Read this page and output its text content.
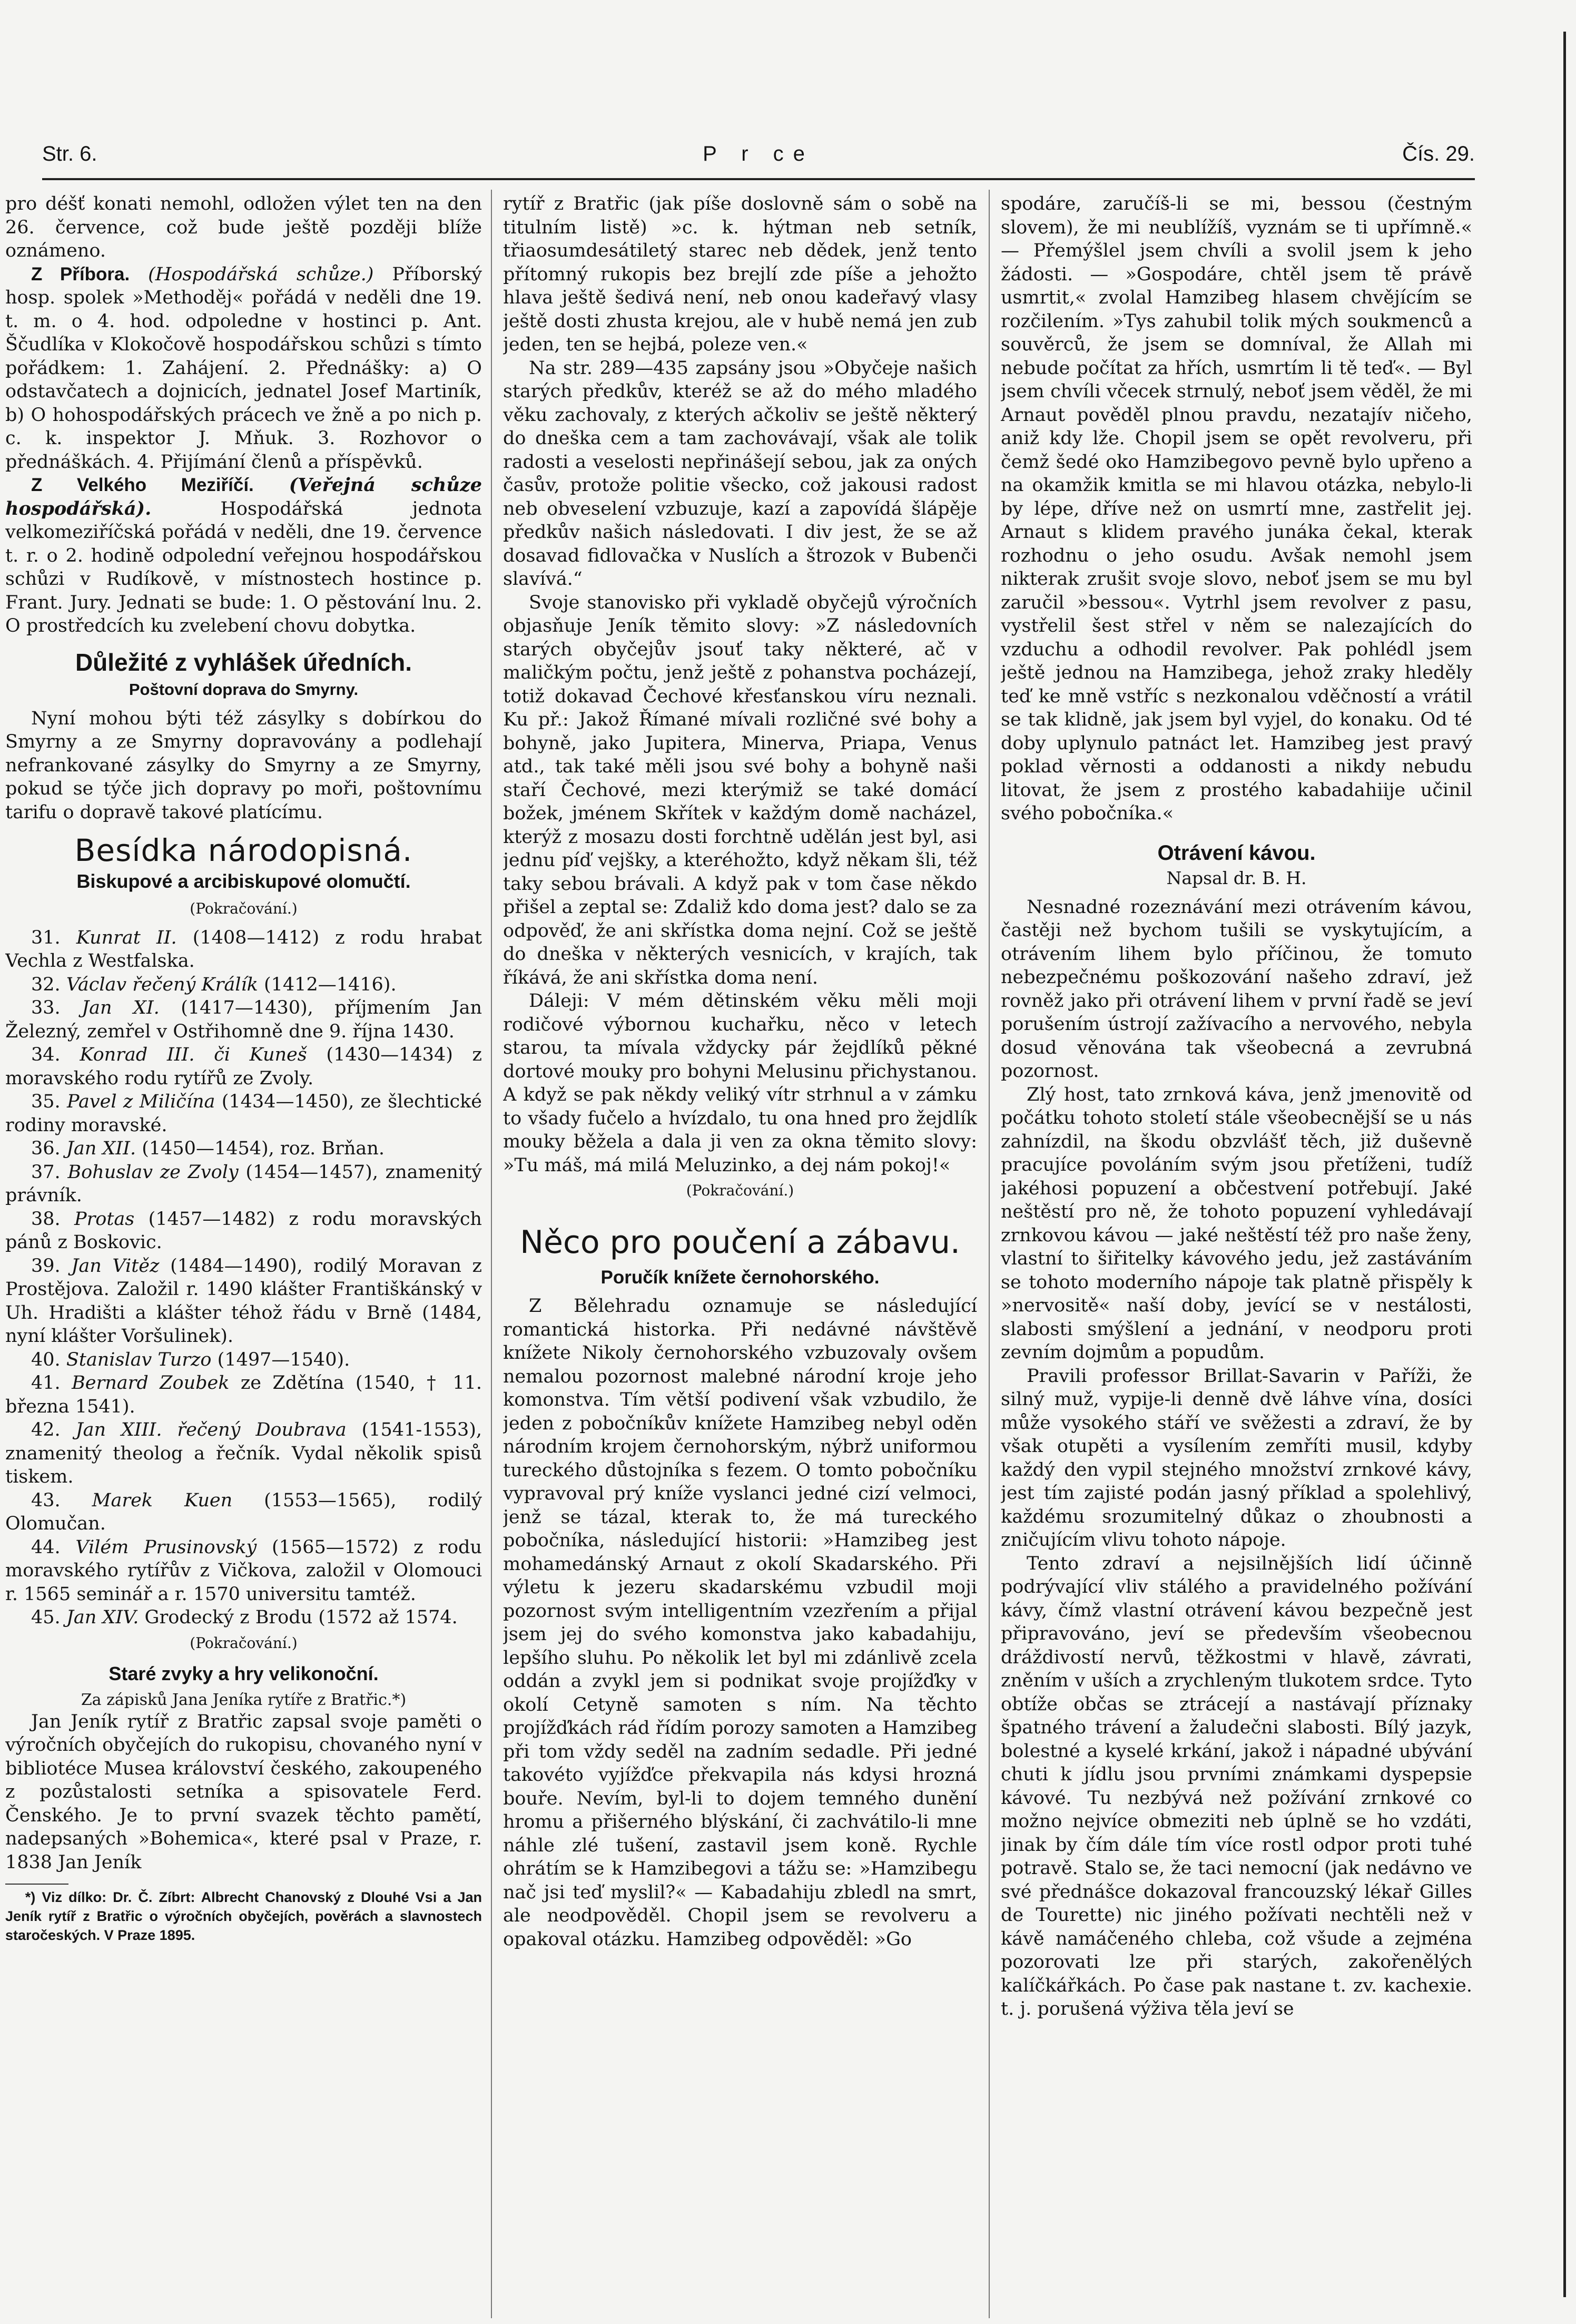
Str. 6.	P r ce	Čís. 29.

pro déšť konati nemohl, odložen výlet ten na den 26. července, což bude ještě později blíže oznámeno.

Z Příbora. (Hospodářská schůze.) Příborský hosp. spolek »Methoděj« pořádá v neděli dne 19. t. m. o 4. hod. odpoledne v hostinci p. Ant. Ščudlíka v Klokočově hospodářskou schůzi s tímto pořádkem: 1. Zahájení. 2. Přednášky: a) O odstavčatech a dojnicích, jednatel Josef Martiník, b) O hohospodářských prácech ve žně a po nich p. c. k. inspektor J. Mňuk. 3. Rozhovor o přednáškách. 4. Přijímání členů a příspěvků.

Z Velkého Meziříčí. (Veřejná schůze hospodářská).	Hospodářská jednota velkomeziříčská pořádá v neděli, dne 19. července t. r. o 2. hodině odpolední veřejnou hospodářskou schůzi v Rudíkově, v místnostech hostince p. Frant. Jury. Jednati se bude: 1. O pěstování lnu. 2. O prostředcích ku zvelebení chovu dobytka.

Důležité z vyhlášek úředních.
Poštovní doprava do Smyrny.

Nyní mohou býti též zásylky s dobírkou do Smyrny a ze Smyrny dopravovány a podlehají nefrankované zásylky do Smyrny a ze Smyrny, pokud se týče jich dopravy po moři, poštovnímu tarifu o dopravě takové platícímu.

Besídka národopisná.
Biskupové a arcibiskupové olomučtí.
(Pokračování.)

31. Kunrat II. (1408—1412) z rodu hrabat Vechla z Westfalska.

32. Václav řečený Králík (1412—1416).

33. Jan XI. (1417—1430), příjmením Jan Železný, zemřel v Ostřihomně dne 9. října 1430.

34. Konrad III. či Kuneš (1430—1434) z moravského rodu rytířů ze Zvoly.

35. Pavel z Miličína (1434—1450), ze šlechtické rodiny moravské.

36. Jan XII. (1450—1454), roz. Brňan.

37. Bohuslav ze Zvoly (1454—1457), znamenitý právník.

38. Protas (1457—1482) z rodu moravských pánů z Boskovic.

39. Jan Vitěz (1484—1490), rodilý Moravan z Prostějova. Založil r. 1490 klášter Františkánský v Uh. Hradišti a klášter téhož řádu v Brně (1484, nyní klášter Voršulinek).

40. Stanislav Turzo (1497—1540).

41. Bernard Zoubek ze Zdětína (1540, † 11. března 1541).

42. Jan XIII. řečený Doubrava (1541-1553), znamenitý theolog a řečník. Vydal několik spisů tiskem.

43. Marek Kuen (1553—1565), rodilý Olomučan.

44. Vilém Prusinovský (1565—1572) z rodu moravského rytířův z Vičkova, založil v Olomouci r. 1565 seminář a r. 1570 universitu tamtéž.

45. Jan XIV. Grodecký z Brodu (1572 až 1574.

(Pokračování.)
Staré zvyky a hry velikonoční.
Za zápisků Jana Jeníka rytíře z Bratřic.*)

Jan Jeník rytíř z Bratřic zapsal svoje paměti o výročních obyčejích do rukopisu, chovaného nyní v bibliotéce Musea království českého, zakoupeného z pozůstalosti setníka a spisovatele Ferd. Čenského. Je to první svazek těchto pamětí, nadepsaných »Bohemica«, které psal v Praze, r. 1838 Jan Jeník

*) Viz dílko: Dr. Č. Zíbrt: Albrecht Chanovský z Dlouhé Vsi a Jan Jeník rytíř z Bratřic o výročních obyčejích, pověrách a slavnostech staročeských. V Praze 1895.

rytíř z Bratřic (jak píše doslovně sám o sobě na titulním listě) »c. k. hýtman neb setník, třiaosumdesátiletý starec neb dědek, jenž tento přítomný rukopis bez brejlí zde píše a jehožto hlava ještě šedivá není, neb onou kadeřavý vlasy ještě dosti zhusta krejou, ale v hubě nemá jen zub jeden, ten se hejbá, poleze ven.«

Na str. 289—435 zapsány jsou »Obyčeje našich starých předkův, kteréž se až do mého mladého věku zachovaly, z kterých ačkoliv se ještě některý do dneška cem a tam zachovávají, však ale tolik radosti a veselosti nepřinášejí sebou, jak za oných časův, protože politie všecko, což jakousi radost neb obveselení vzbuzuje, kazí a zapovídá šlápěje předkův našich následovati. I div jest, že se až dosavad fidlovačka v Nuslích a štrozok v Bubenči slavívá.“

Svoje stanovisko při vykladě obyčejů výročních objasňuje Jeník těmito slovy: »Z následovních starých obyčejův jsouť taky některé, ač v maličkým počtu, jenž ještě z pohanstva pocházejí, totiž dokavad Čechové křesťanskou víru neznali. Ku př.: Jakož Římané mívali rozličné své bohy a bohyně, jako Jupitera, Minerva, Priapa, Venus atd., tak také měli jsou své bohy a bohyně naši staří Čechové, mezi kterýmiž se také domácí božek, jménem Skřítek v každým domě nacházel, kterýž z mosazu dosti forchtně udělán jest byl, asi jednu píď vejšky, a kteréhožto, když někam šli, též taky sebou brávali. A když pak v tom čase někdo přišel a zeptal se: Zdaliž kdo doma jest? dalo se za odpověď, že ani skřístka doma nejní. Což se ještě do dneška v některých vesnicích, v krajích, tak říkává, že ani skřístka doma není.

Dáleji: V mém dětinském věku měli moji rodičové výbornou kuchařku, něco v letech starou, ta mívala vždycky pár žejdlíků pěkné dortové mouky pro bohyni Melusinu přichystanou. A když se pak někdy veliký vítr strhnul a v zámku to všady fučelo a hvízdalo, tu ona hned pro žejdlík mouky běžela a dala ji ven za okna těmito slovy: »Tu máš, má milá Meluzinko, a dej nám pokoj!«

(Pokračování.)
Něco pro poučení a zábavu.
Poručík knížete černohorského.

Z Bělehradu oznamuje se následující romantická historka. Při nedávné návštěvě knížete Nikoly černohorského vzbuzovaly ovšem nemalou pozornost malebné národní kroje jeho komonstva. Tím větší podivení však vzbudilo, že jeden z pobočníkův knížete Hamzibeg nebyl oděn národním krojem černohorským, nýbrž uniformou tureckého důstojníka s fezem. O tomto pobočníku vypravoval prý kníže vyslanci jedné cizí velmoci, jenž se tázal, kterak to, že má tureckého pobočníka, následující historii: »Hamzibeg jest mohamedánský Arnaut z okolí Skadarského. Při výletu k jezeru skadarskému vzbudil moji pozornost svým intelligentním vzezřením a přijal jsem jej do svého komonstva jako kabadahiju, lepšího sluhu. Po několik let byl mi zdánlivě zcela oddán a zvykl jem si podnikat svoje projížďky v okolí Cetyně samoten s ním. Na těchto projížďkách rád řídím porozy samoten a Hamzibeg při tom vždy seděl na zadním sedadle. Při jedné takovéto vyjížďce překvapila nás kdysi hrozná bouře. Nevím, byl-li to dojem temného dunění hromu a přišerného blýskání, či zachvátilo-li mne náhle zlé tušení, zastavil jsem koně. Rychle ohrátím se k Hamzibegovi a tážu se: »Hamzibegu nač jsi teď myslil?« — Kabadahiju zbledl na smrt, ale neodpověděl. Chopil jsem se revolveru a opakoval otázku. Hamzibeg odpověděl: »Go

spodáre, zaručíš-li se mi, bessou (čestným slovem), že mi neublížíš, vyznám se ti upřímně.« — Přemýšlel jsem chvíli a svolil jsem k jeho žádosti. — »Gospodáre, chtěl jsem tě právě usmrtit,« zvolal Hamzibeg hlasem chvějícím se rozčilením. »Tys zahubil tolik mých soukmenců a souvěrců, že jsem se domníval, že Allah mi nebude počítat za hřích, usmrtím li tě teď«. — Byl jsem chvíli včecek strnulý, neboť jsem věděl, že mi Arnaut pověděl plnou pravdu, nezatajív ničeho, aniž kdy lže. Chopil jsem se opět revolveru, při čemž šedé oko Hamzibegovo pevně bylo upřeno a na okamžik kmitla se mi hlavou otázka, nebylo-li by lépe, dříve než on usmrtí mne, zastřelit jej. Arnaut s klidem pravého junáka čekal, kterak rozhodnu o jeho osudu. Avšak nemohl jsem nikterak zrušit svoje slovo, neboť jsem se mu byl zaručil »bessou«. Vytrhl jsem revolver z pasu, vystřelil šest střel v něm se nalezajících do vzduchu a odhodil revolver. Pak pohlédl jsem ještě jednou na Hamzibega, jehož zraky hleděly teď ke mně vstříc s nezkonalou vděčností a vrátil se tak klidně, jak jsem byl vyjel, do konaku. Od té doby uplynulo patnáct let. Hamzibeg jest pravý poklad věrnosti a oddanosti a nikdy nebudu litovat, že jsem z prostého kabadahiije učinil svého pobočníka.«

Otrávení kávou.
Napsal dr. B. H.

Nesnadné rozeznávání mezi otrávením kávou, častěji než bychom tušili se vyskytujícím, a otrávením lihem bylo příčinou, že tomuto nebezpečnému poškozování našeho zdraví, jež rovněž jako při otrávení lihem v první řadě se jeví porušením ústrojí zažívacího a nervového, nebyla dosud věnována tak všeobecná a zevrubná pozornost.

Zlý host, tato zrnková káva, jenž jmenovitě od počátku tohoto století stále všeobecnější se u nás zahnízdil, na škodu obzvlášť těch, již duševně pracujíce povoláním svým jsou přetíženi, tudíž jakéhosi popuzení a občestvení potřebují. Jaké neštěstí pro ně, že tohoto popuzení vyhledávají zrnkovou kávou — jaké neštěstí též pro naše ženy, vlastní to šiřitelky kávového jedu, jež zastáváním se tohoto moderního nápoje tak platně přispěly k »nervositě« naší doby, jevící se v nestálosti, slabosti smýšlení a jednání, v neodporu proti zevním dojmům a popudům.

Pravili professor Brillat-Savarin v Paříži, že silný muž, vypije-li denně dvě láhve vína, dosíci může vysokého stáří ve svěžesti a zdraví, že by však otupěti a vysílením zemříti musil, kdyby každý den vypil stejného množství zrnkové kávy, jest tím zajisté podán jasný příklad a spolehlivý, každému srozumitelný důkaz o zhoubnosti a zničujícím vlivu tohoto nápoje.

Tento zdraví a nejsilnějších lidí účinně podrývající vliv stálého a pravidelného požívání kávy, čímž vlastní otrávení kávou bezpečně jest připravováno, jeví se především všeobecnou dráždivostí nervů, těžkostmi v hlavě, závrati, zněním v uších a zrychleným tlukotem srdce. Tyto obtíže občas se ztrácejí a nastávají příznaky špatného trávení a žaludečni slabosti. Bílý jazyk, bolestné a kyselé krkání, jakož i nápadné ubývání chuti k jídlu jsou prvními známkami dyspepsie kávové. Tu nezbývá než požívání zrnkové co možno nejvíce obmeziti neb úplně se ho vzdáti, jinak by čím dále tím více rostl odpor proti tuhé potravě. Stalo se, že taci nemocní (jak nedávno ve své přednášce dokazoval francouzský lékař Gilles de Tourette) nic jiného požívati nechtěli než v kávě namáčeného chleba, což všude a zejména pozorovati lze při starých, zakořenělých kalíčkářkách. Po čase pak nastane t. zv. kachexie. t. j. porušená výživa těla jeví se
